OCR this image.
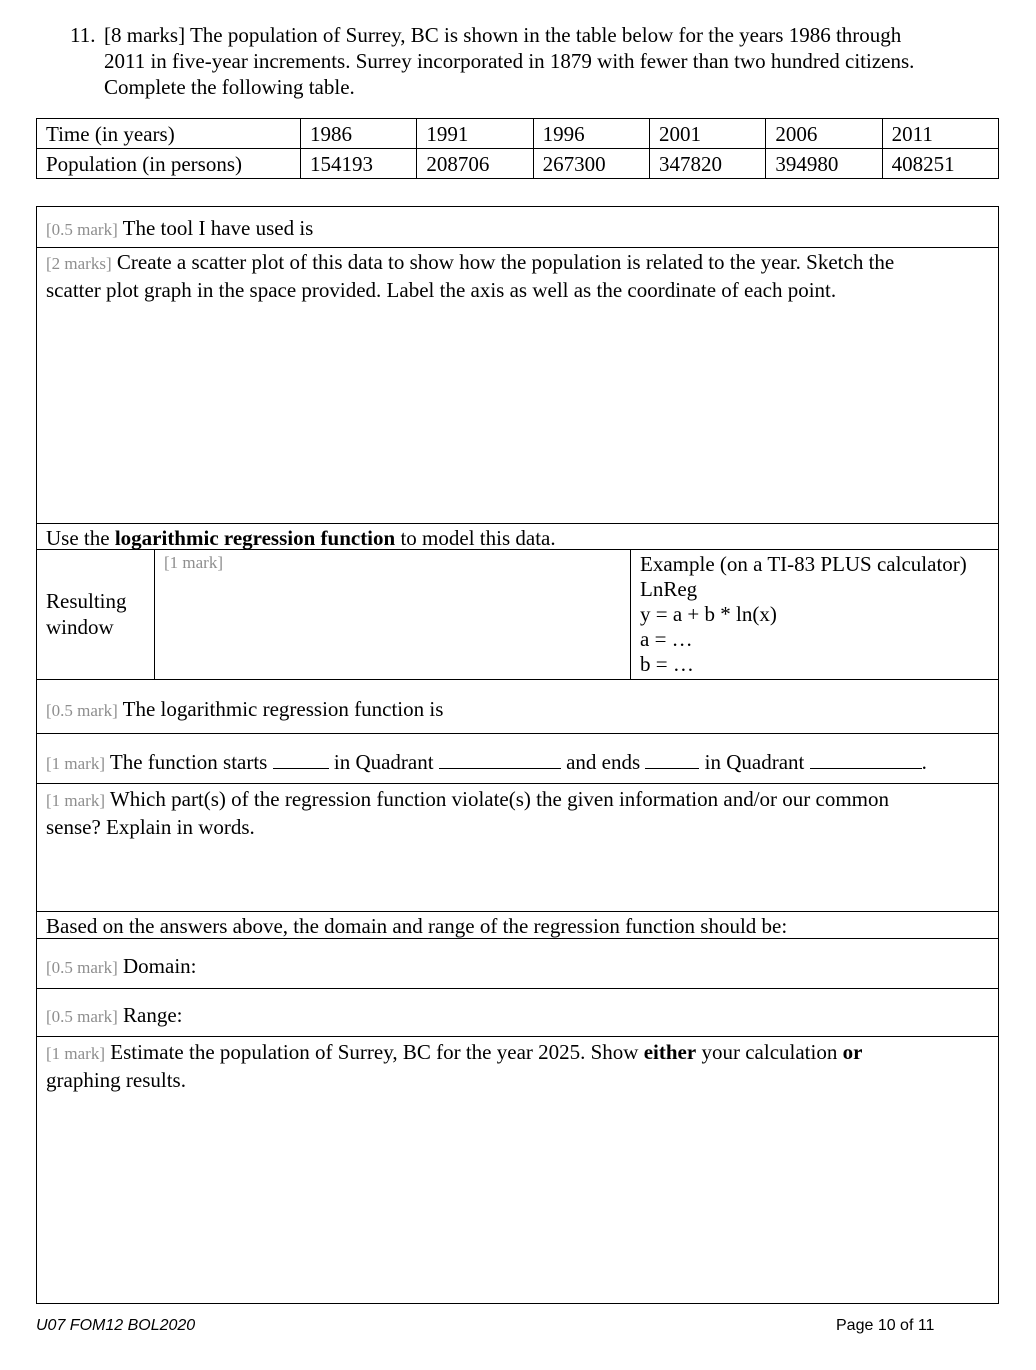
11. [8 marks] The population of Surrey, BC is shown in the table below for the years 1986 through

2011 in five-year increments. Surrey incorporated in 1879 with fewer than two hundred citizens.

Complete the following table.

Time (in years)	1986	1991	1996	2001	2006	2011
Population (in persons)	154193	208706	267300	347820	394980	408251
[0.5 mark] The tool I have used is
[2 marks] Create a scatter plot of this data to show how the population is related to the year. Sketch the
scatter plot graph in the space provided. Label the axis as well as the coordinate of each point.
Use the logarithmic regression function to model this data.
Resulting
window
[1 mark]	Example (on a TI-83 PLUS calculator)
LnReg
y = a + b * ln(x)
a = …
b = …
[0.5 mark] The logarithmic regression function is
[1 mark] The function starts	in Quadrant	and ends	in Quadrant	.
[1 mark] Which part(s) of the regression function violate(s) the given information and/or our common
sense? Explain in words.
Based on the answers above, the domain and range of the regression function should be:
[0.5 mark] Domain:
[0.5 mark] Range:
[1 mark] Estimate the population of Surrey, BC for the year 2025. Show either your calculation or
graphing results.
U07 FOM12 BOL2020	Page 10 of 11
